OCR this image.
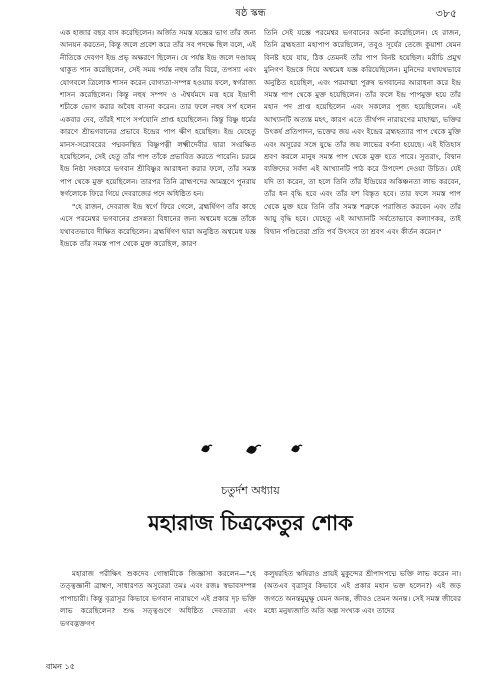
ষষ্ঠ স্কন্ধ	৩৮৫

এক হাজার বছর বাস করেছিলেন। অর্জিত সমস্ত যজ্ঞের ভাগ তাঁর জন্য আনয়ন করতেন, কিন্তু জলে প্রবেশ করে তাঁর সব পদক্ষে ছিল বলে, এই নীতিকে দেবগণ ইন্দ্র প্রভৃ অক্ষরণে ছিলেন। যে পর্যন্ত ইন্দ্র জলে দণ্ডায়ম্ থাকুত পান করেছিলেন, সেই সময় পর্যন্ত নহুষ তাঁর বিরে, তপস্যা এবং যোগবলে ত্রিলোক শাসন করেন বোগ্যতা-সম্পন্ন হওয়ায় ফলে, স্বর্গরাজ্য শাসন করেছিলেন। কিন্তু নহুষ সম্পদ ও ঐশ্বর্যমদে মত্ত হয়ে ইন্দ্রাণী শচীকে ভোগ করার অবৈধ বাসনা করেন। তার ফলে নহুষ সর্প হলেন একবার দেব, তাঁরই শাপে সর্পযোনি প্রাপ্ত হয়েছিলেন। কিন্তু বিষ্ণু ধর্মের কারণে শ্রীভগবানের প্রভাবে ইন্দ্রের পাপ ক্ষীণ হয়েছিল। ইন্দ্র যেহেতু মানস-সরোবরের পদ্মবনস্থিত বিষ্ণুপত্নী লক্ষ্মীদেবীর দ্বারা সংরক্ষিত হয়েছিলেন, সেই হেতু তাঁর পাপ তাঁকে প্রভাবিত করতে পারেনি। চরমে ইন্দ্র নিষ্ঠা সহকারে ভগবান শ্রীবিষ্ণুর আরাধনা করার ফলে, তাঁর সমস্ত পাপ থেকে মুক্ত হয়েছিলেন। তারপর তিনি ব্রাহ্মণদের আমন্ত্রণে পুনরায় স্বর্গলোকে ফিরে গিয়ে দেবরাজের পদে অধিষ্ঠিত হন।

"হে রাজন, দেবরাজ ইন্দ্র স্বর্গে ফিরে গেলে, ব্রহ্মর্ষিগণ তাঁর কাছে এসে পরমেশ্বর ভগবানের প্রসন্নতা বিধানের জন্য অশ্বমেধ যজ্ঞে তাঁকে যথাবতভাবে দীক্ষিত করেছিলেন। ব্রহ্মর্ষিগণ দ্বারা অনুষ্ঠিত অশ্বমেধ যজ্ঞ ইন্দ্রকে তাঁর সমস্ত পাপ থেকে মুক্ত করেছিল, কারণ

তিনি সেই যজ্ঞে পরমেশ্বর ভগবানের অর্চনা করেছিলেন। হে রাজন, তিনি ব্রহ্মহত্যা মহাপাপ করেছিলেন, তবুও সূর্যের তেজে কুয়াশা যেমন বিনষ্ট হয়ে যায়, ঠিক তেমনই তাঁর পাপ বিনষ্ট হয়েছিল। মরীচি প্রমুখ মুনিগণ ইন্দ্রকে দিয়ে অশ্বমেধ যজ্ঞ করিয়েছিলেন। মুনিদের যথাযথভাবে অনুষ্ঠিত হয়েছিল, এবং পরমাত্মা পুরুষ ভগবানের আরাধনা করে ইন্দ্র সমস্ত পাপ থেকে মুক্ত হয়েছিলেন। তাঁর ফলে ইন্দ্র পাপমুক্ত হয়ে তাঁর মহান পদ প্রাপ্ত হয়েছিলেন এবং সকলের পূজ্য হয়েছিলেন। এই আখ্যানটি অত্যন্ত মহৎ, কারণ এতে তীর্থপদ নারায়ণের মাহাত্ম্য, ভক্তির উৎকর্ষ প্রতিপাদন, ভক্তের জয় এবং ইন্দ্রের ব্রহ্মহত্যার পাপ থেকে মুক্তি এবং অসুরের সঙ্গে যুদ্ধে তাঁর জয় লাভের বর্ণনা হয়েছে। এই ইতিহাস শ্রবণ করলে মানুষ সমস্ত পাপ থেকে মুক্ত হতে পারে। সুতরাং, বিদ্বান ব্যক্তিদের সর্বদা এই আখ্যানটি পাঠ করে উপদেশ দেওয়া উচিত। যেই যদি তা করেন, তা হলে তিনি তাঁর ইন্দ্রিয়ের অকিঞ্চনতা লাভ করবেন, তাঁর ধন বৃদ্ধি হবে এবং তাঁর যশ বিস্তৃত হবে। তার ফলে সমস্ত পাপ থেকে মুক্ত হয়ে তিনি তাঁর সমস্ত শত্রুকে পরাজিত করবেন এবং তাঁর আয়ু বৃদ্ধি হবে। যেহেতু এই আখ্যানটি সর্বতোভাবে কল্যাণকর, তাই বিদ্বান পণ্ডিতেরা প্রতি পর্ব উৎসবে তা শ্রবণ এবং কীর্তন করেন।"

চতুর্দশ অধ্যায়
মহারাজ চিত্রকেতুর শোক

মহারাজ পরীক্ষিৎ শুকদেব গোস্বামীকে জিজ্ঞাসা করলেন—"হে তত্ত্বজ্ঞানী ব্রাহ্মণ, সাধারণত অসুরেরা তমঃ এবং রজঃ স্বভাবসম্পন্ন পাপাচারী। কিন্তু বৃত্রাসুর কিভাবে ভগবান নারায়ণে এই প্রকার দৃঢ় ভক্তি লাভ করেছিলেন? শুদ্ধ সত্ত্বগুণে অধিষ্ঠিত দেবতারা এবং ভগবদ্ভক্তগণ

কলুষরহিত ঋষিরাও প্রায়ই মুকুন্দের শ্রীপাদপদ্মে ভক্তি লাভ করেন না। (অতএব বৃত্রাসুর কিভাবে এই প্রকার মহান ভক্ত হলেন?) এই জড় জগতে অনন্তমুমুক্ষু যেমন অনন্ত, জীবও তেমন অনন্ত। সেই সমস্ত জীবের মধ্যে মনুষ্যজাতি অতি অল্প সংখ্যক এবং তাদের

বামন ১৫
